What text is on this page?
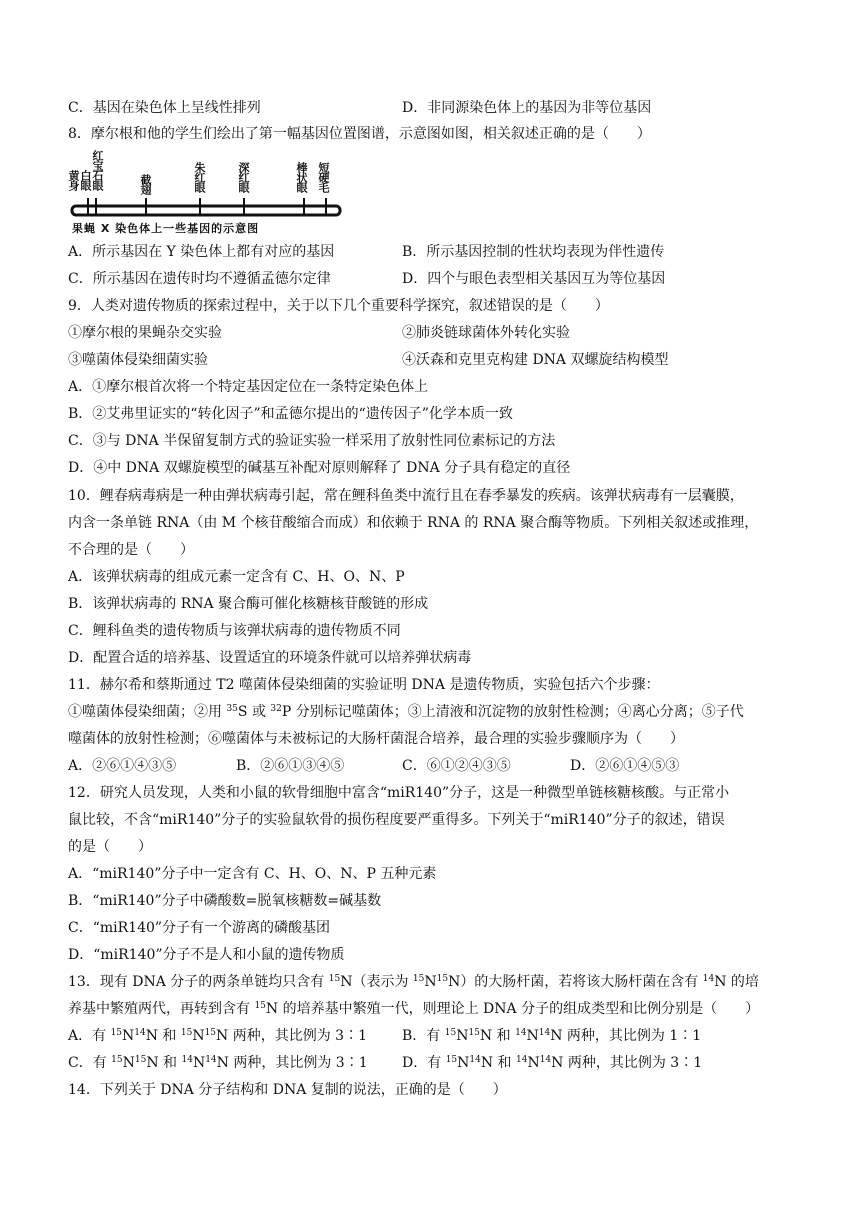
C．基因在染色体上呈线性排列	D．非同源染色体上的基因为非等位基因
8．摩尔根和他的学生们绘出了第一幅基因位置图谱，示意图如图，相关叙述正确的是（　　）
黄身 白眼 红宝石眼	截翅	朱红眼	深红眼	棒状眼 短硬毛
果蝇 X 染色体上一些基因的示意图
A．所示基因在 Y 染色体上都有对应的基因	B．所示基因控制的性状均表现为伴性遗传
C．所示基因在遗传时均不遵循孟德尔定律	D．四个与眼色表型相关基因互为等位基因
9．人类对遗传物质的探索过程中，关于以下几个重要科学探究，叙述错误的是（　　）
①摩尔根的果蝇杂交实验	②肺炎链球菌体外转化实验
③噬菌体侵染细菌实验	④沃森和克里克构建 DNA 双螺旋结构模型
A．①摩尔根首次将一个特定基因定位在一条特定染色体上
B．②艾弗里证实的“转化因子”和孟德尔提出的“遗传因子”化学本质一致
C．③与 DNA 半保留复制方式的验证实验一样采用了放射性同位素标记的方法
D．④中 DNA 双螺旋模型的碱基互补配对原则解释了 DNA 分子具有稳定的直径
10．鲤春病毒病是一种由弹状病毒引起，常在鲤科鱼类中流行且在春季暴发的疾病。该弹状病毒有一层囊膜，
内含一条单链 RNA（由 M 个核苷酸缩合而成）和依赖于 RNA 的 RNA 聚合酶等物质。下列相关叙述或推理，
不合理的是（　　）
A．该弹状病毒的组成元素一定含有 C、H、O、N、P
B．该弹状病毒的 RNA 聚合酶可催化核糖核苷酸链的形成
C．鲤科鱼类的遗传物质与该弹状病毒的遗传物质不同
D．配置合适的培养基、设置适宜的环境条件就可以培养弹状病毒
11．赫尔希和蔡斯通过 T2 噬菌体侵染细菌的实验证明 DNA 是遗传物质，实验包括六个步骤：
①噬菌体侵染细菌；②用 $^{35}$S 或 $^{32}$P 分别标记噬菌体；③上清液和沉淀物的放射性检测；④离心分离；⑤子代
噬菌体的放射性检测；⑥噬菌体与未被标记的大肠杆菌混合培养，最合理的实验步骤顺序为（　　）
A．②⑥①④③⑤	B．②⑥①③④⑤	C．⑥①②④③⑤	D．②⑥①④⑤③
12．研究人员发现，人类和小鼠的软骨细胞中富含“miR140”分子，这是一种微型单链核糖核酸。与正常小
鼠比较，不含“miR140”分子的实验鼠软骨的损伤程度要严重得多。下列关于“miR140”分子的叙述，错误
的是（　　）
A．“miR140”分子中一定含有 C、H、O、N、P 五种元素
B．“miR140”分子中磷酸数=脱氧核糖数=碱基数
C．“miR140”分子有一个游离的磷酸基团
D．“miR140”分子不是人和小鼠的遗传物质
13．现有 DNA 分子的两条单链均只含有 $^{15}$N（表示为 $^{15}N^{15}N$）的大肠杆菌，若将该大肠杆菌在含有 $^{14}$N 的培
养基中繁殖两代，再转到含有 $^{15}$N 的培养基中繁殖一代，则理论上 DNA 分子的组成类型和比例分别是（　　）
A．有 $^{15}N^{14}N$ 和 $^{15}N^{15}N$ 两种，其比例为 3∶1	B．有 $^{15}N^{15}N$ 和 $^{14}N^{14}N$ 两种，其比例为 1∶1
C．有 $^{15}N^{15}N$ 和 $^{14}N^{14}N$ 两种，其比例为 3∶1 D．有 $^{15}N^{14}N$ 和 $^{14}N^{14}N$ 两种，其比例为 3∶1
14．下列关于 DNA 分子结构和 DNA 复制的说法，正确的是（　　）
